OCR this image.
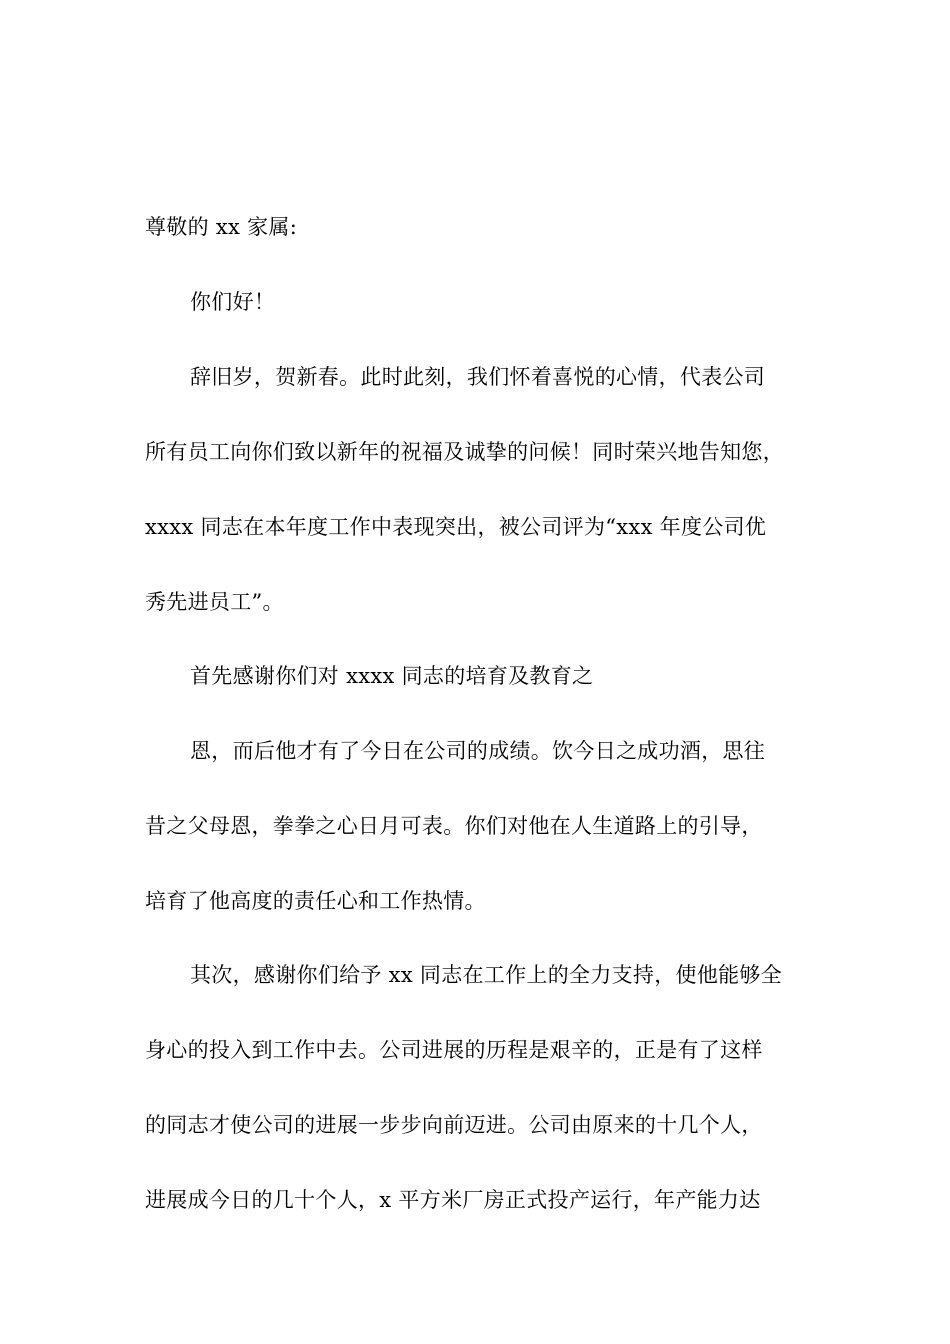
尊敬的 xx 家属:
你们好！
辞旧岁，贺新春。此时此刻，我们怀着喜悦的心情，代表公司
所有员工向你们致以新年的祝福及诚挚的问候！同时荣兴地告知您，
xxxx 同志在本年度工作中表现突出，被公司评为“xxx 年度公司优
秀先进员工”。
首先感谢你们对 xxxx 同志的培育及教育之
恩，而后他才有了今日在公司的成绩。饮今日之成功酒，思往
昔之父母恩，拳拳之心日月可表。你们对他在人生道路上的引导，
培育了他高度的责任心和工作热情。
其次，感谢你们给予 xx 同志在工作上的全力支持，使他能够全
身心的投入到工作中去。公司进展的历程是艰辛的，正是有了这样
的同志才使公司的进展一步步向前迈进。公司由原来的十几个人，
进展成今日的几十个人，x 平方米厂房正式投产运行，年产能力达
